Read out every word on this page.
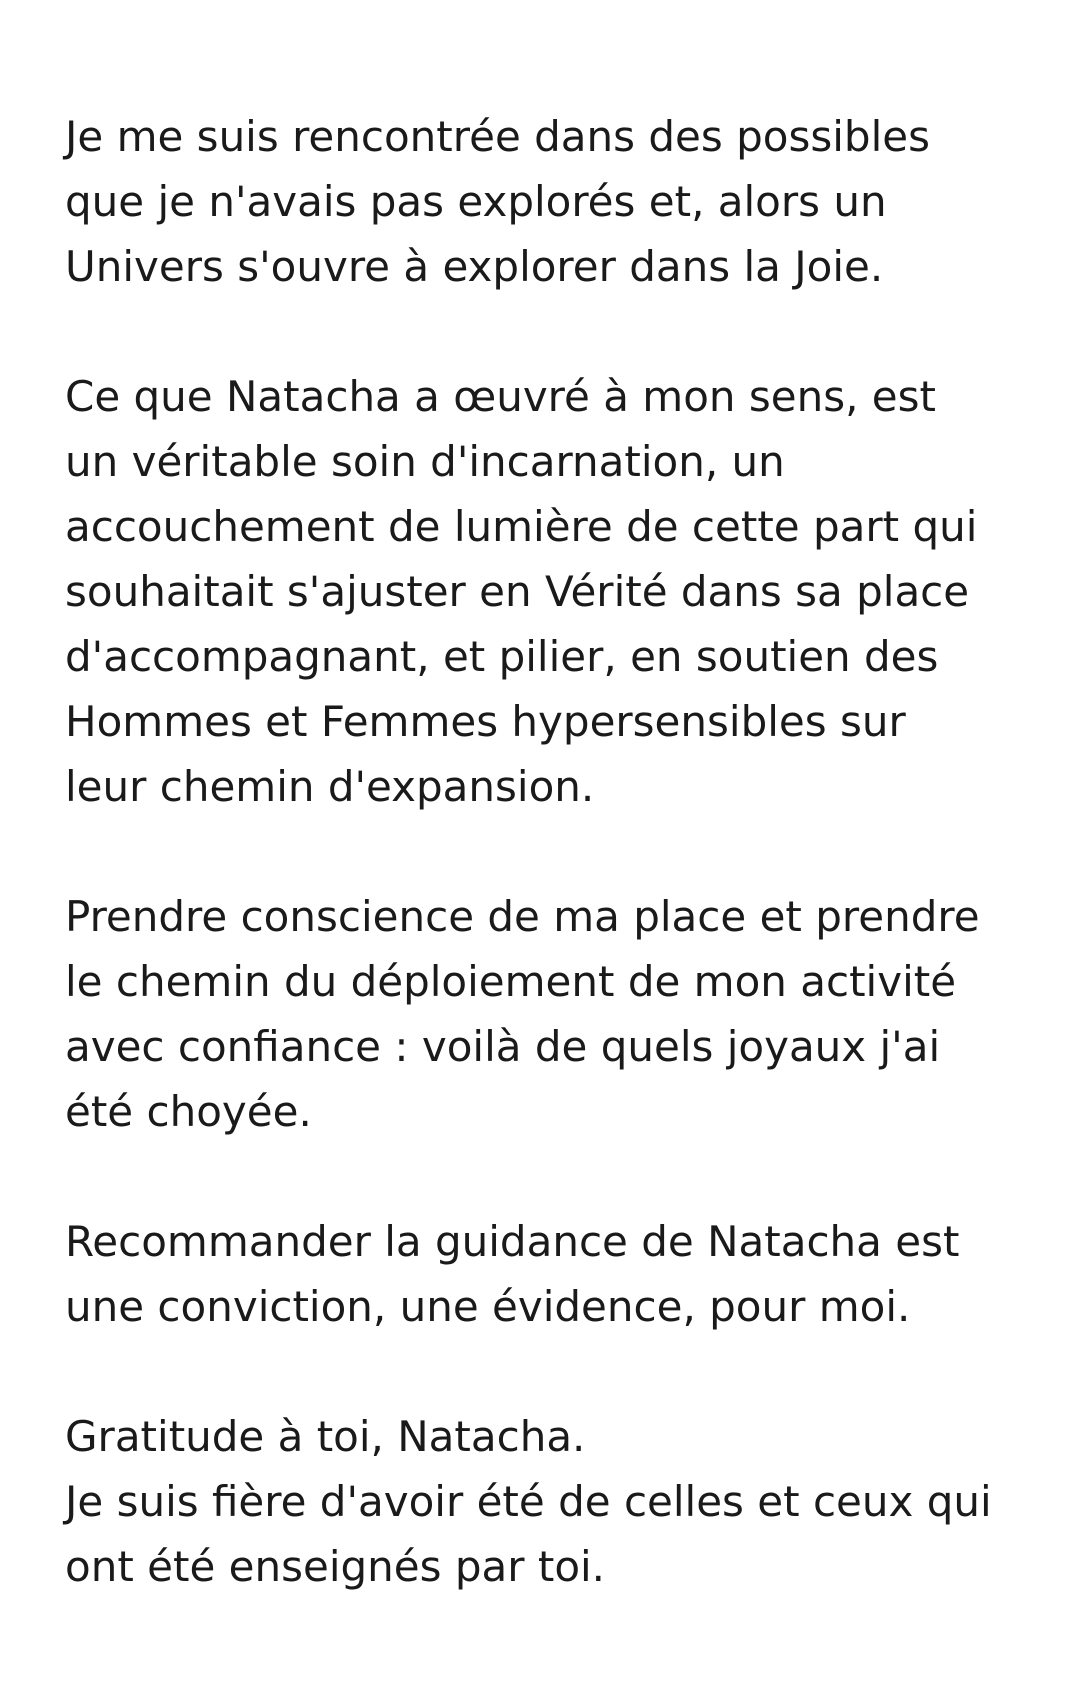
Je me suis rencontrée dans des possibles
que je n'avais pas explorés et, alors un
Univers s'ouvre à explorer dans la Joie.
Ce que Natacha a œuvré à mon sens, est
un véritable soin d'incarnation, un
accouchement de lumière de cette part qui
souhaitait s'ajuster en Vérité dans sa place
d'accompagnant, et pilier, en soutien des
Hommes et Femmes hypersensibles sur
leur chemin d'expansion.
Prendre conscience de ma place et prendre
le chemin du déploiement de mon activité
avec confiance : voilà de quels joyaux j'ai
été choyée.
Recommander la guidance de Natacha est
une conviction, une évidence, pour moi.
Gratitude à toi, Natacha.
Je suis fière d'avoir été de celles et ceux qui
ont été enseignés par toi.
